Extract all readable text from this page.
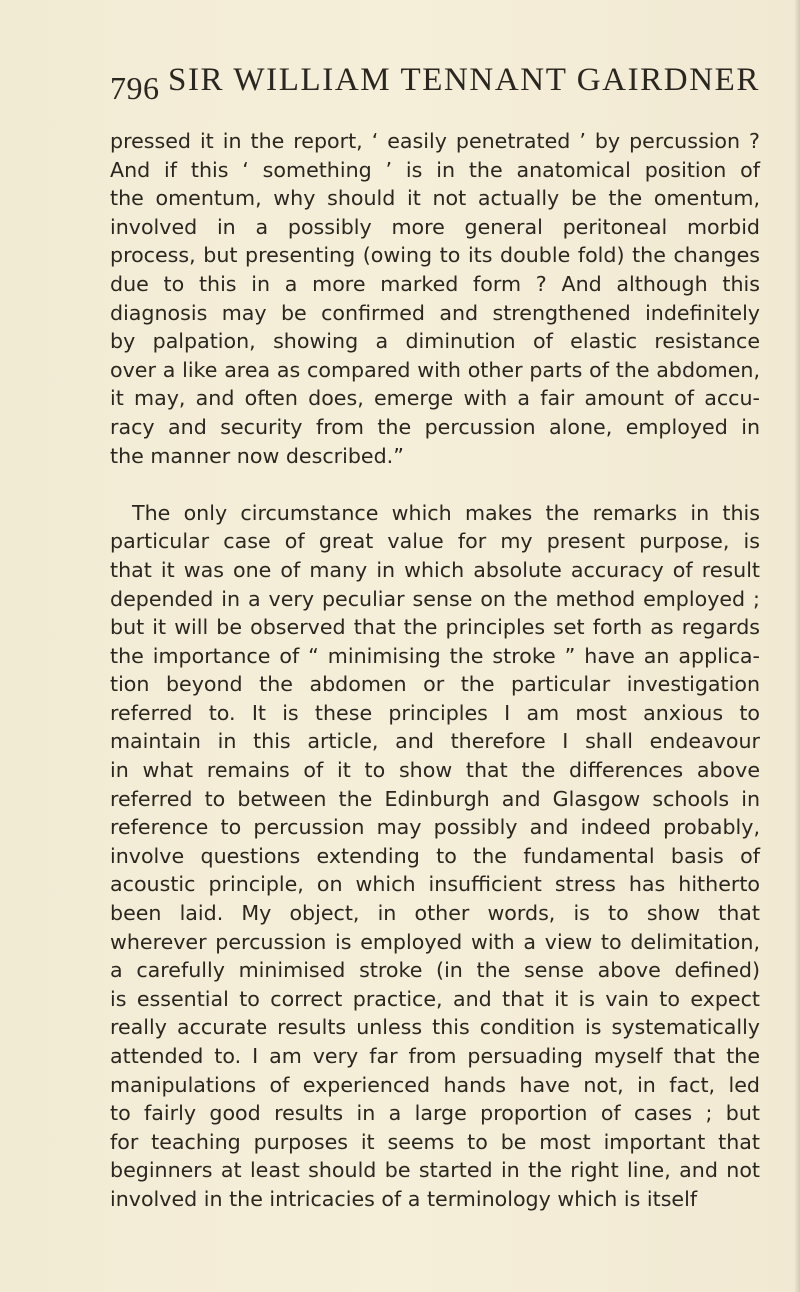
796 SIR WILLIAM TENNANT GAIRDNER
pressed it in the report, ‘ easily penetrated ’ by percussion ?
And if this ‘ something ’ is in the anatomical position of
the omentum, why should it not actually be the omentum,
involved in a possibly more general peritoneal morbid
process, but presenting (owing to its double fold) the changes
due to this in a more marked form ? And although this
diagnosis may be confirmed and strengthened indefinitely
by palpation, showing a diminution of elastic resistance
over a like area as compared with other parts of the abdomen,
it may, and often does, emerge with a fair amount of accu-
racy and security from the percussion alone, employed in
the manner now described.”
The only circumstance which makes the remarks in this
particular case of great value for my present purpose, is
that it was one of many in which absolute accuracy of result
depended in a very peculiar sense on the method employed ;
but it will be observed that the principles set forth as regards
the importance of “ minimising the stroke ” have an applica-
tion beyond the abdomen or the particular investigation
referred to. It is these principles I am most anxious to
maintain in this article, and therefore I shall endeavour
in what remains of it to show that the differences above
referred to between the Edinburgh and Glasgow schools in
reference to percussion may possibly and indeed probably,
involve questions extending to the fundamental basis of
acoustic principle, on which insufficient stress has hitherto
been laid. My object, in other words, is to show that
wherever percussion is employed with a view to delimitation,
a carefully minimised stroke (in the sense above defined)
is essential to correct practice, and that it is vain to expect
really accurate results unless this condition is systematically
attended to. I am very far from persuading myself that the
manipulations of experienced hands have not, in fact, led
to fairly good results in a large proportion of cases ; but
for teaching purposes it seems to be most important that
beginners at least should be started in the right line, and not
involved in the intricacies of a terminology which is itself
